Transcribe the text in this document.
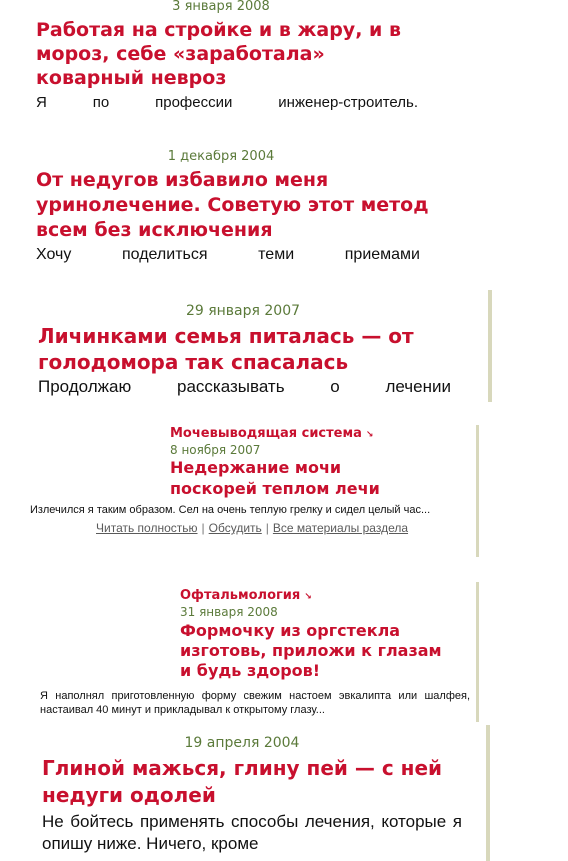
3 января 2008
Работая на стройке и в жару, и в мороз, себе «заработала» коварный невроз
Я по профессии инженер-строитель.
1 декабря 2004
От недугов избавило меня уринолечение. Советую этот метод всем без исключения
Хочу поделиться теми приемами
29 января 2007
Личинками семья питалась — от голодомора так спасалась
Продолжаю рассказывать о лечении
Мочевыводящая система ↘
8 ноября 2007
Недержание мочи поскорей теплом лечи
Излечился я таким образом. Сел на очень теплую грелку и сидел целый час...
Читать полностью | Обсудить | Все материалы раздела
Офтальмология ↘
31 января 2008
Формочку из оргстекла изготовь, приложи к глазам и будь здоров!
Я наполнял приготовленную форму свежим настоем эвкалипта или шалфея, настаивал 40 минут и прикладывал к открытому глазу...
19 апреля 2004
Глиной мажься, глину пей — с ней недуги одолей
Не бойтесь применять способы лечения, которые я опишу ниже. Ничего, кроме
